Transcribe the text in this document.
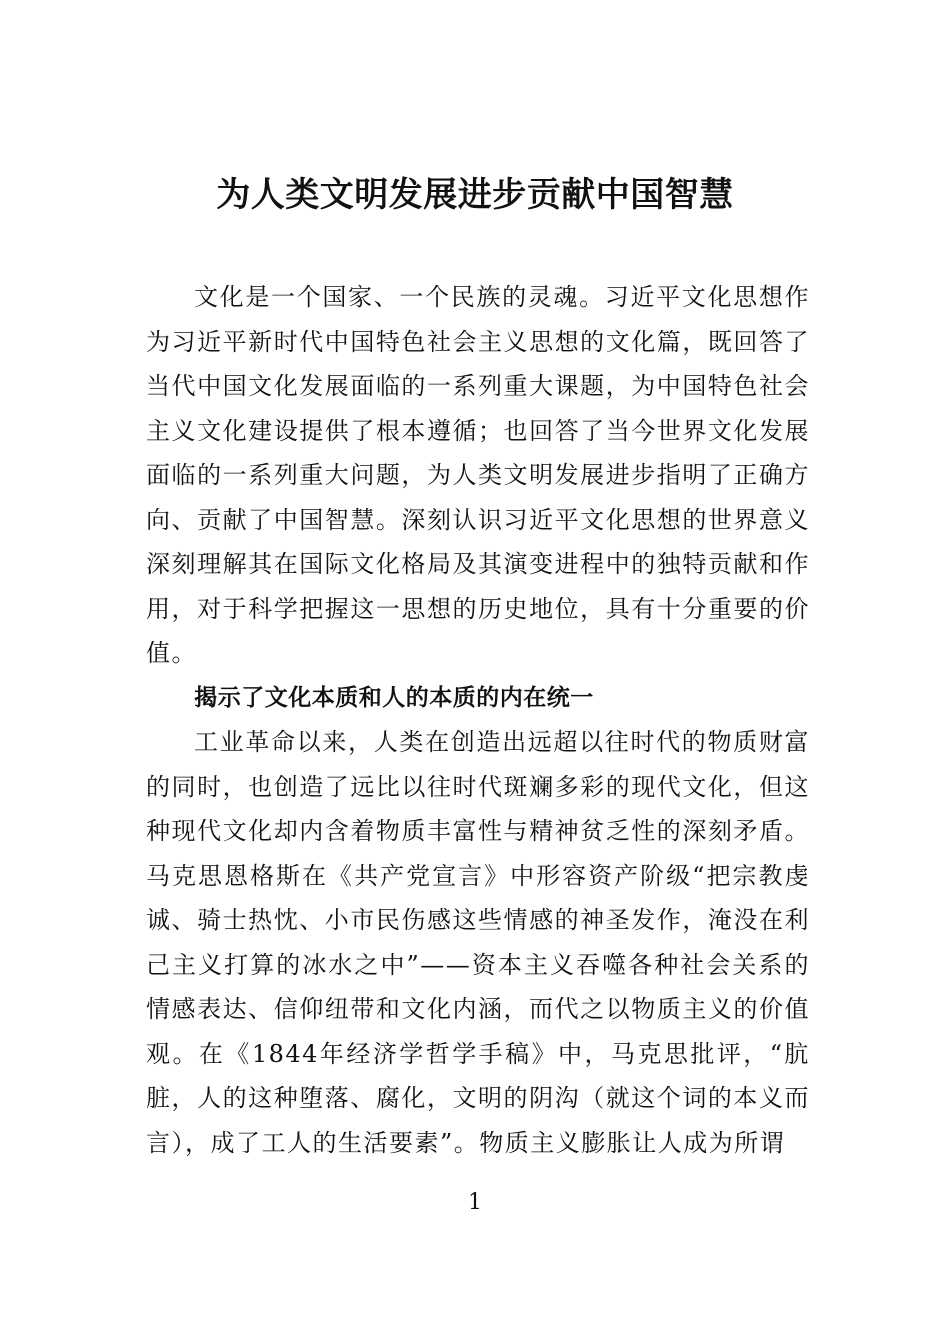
为人类文明发展进步贡献中国智慧

文化是一个国家、一个民族的灵魂。习近平文化思想作为习近平新时代中国特色社会主义思想的文化篇，既回答了当代中国文化发展面临的一系列重大课题，为中国特色社会主义文化建设提供了根本遵循；也回答了当今世界文化发展面临的一系列重大问题，为人类文明发展进步指明了正确方向、贡献了中国智慧。深刻认识习近平文化思想的世界意义深刻理解其在国际文化格局及其演变进程中的独特贡献和作用，对于科学把握这一思想的历史地位，具有十分重要的价值。

揭示了文化本质和人的本质的内在统一

工业革命以来，人类在创造出远超以往时代的物质财富的同时，也创造了远比以往时代斑斓多彩的现代文化，但这种现代文化却内含着物质丰富性与精神贫乏性的深刻矛盾。马克思恩格斯在《共产党宣言》中形容资产阶级“把宗教虔诚、骑士热忱、小市民伤感这些情感的神圣发作，淹没在利己主义打算的冰水之中”——资本主义吞噬各种社会关系的情感表达、信仰纽带和文化内涵，而代之以物质主义的价值观。在《1844年经济学哲学手稿》中，马克思批评，“肮脏，人的这种堕落、腐化，文明的阴沟（就这个词的本义而言），成了工人的生活要素”。物质主义膨胀让人成为所谓

1
